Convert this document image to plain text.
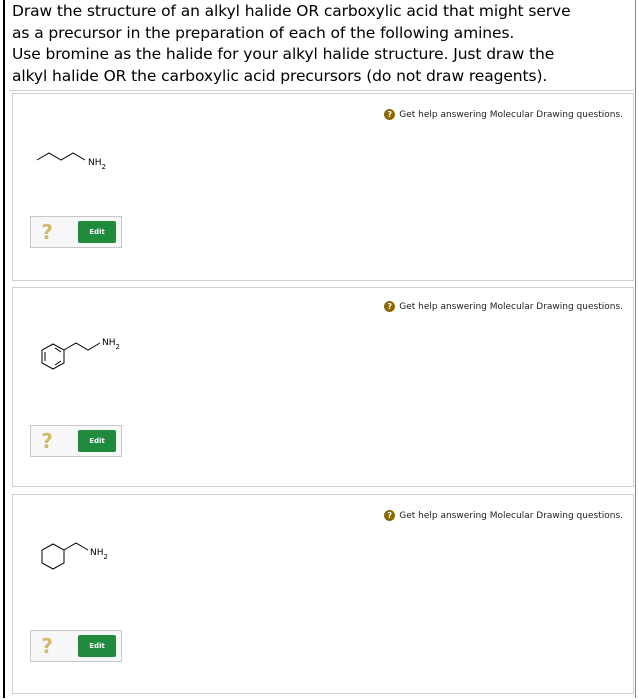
Draw the structure of an alkyl halide OR carboxylic acid that might serve
as a precursor in the preparation of each of the following amines.
Use bromine as the halide for your alkyl halide structure. Just draw the
alkyl halide OR the carboxylic acid precursors (do not draw reagents).
? Get help answering Molecular Drawing questions.
$NH_2$
?	Edit
? Get help answering Molecular Drawing questions.
$NH_2$
?	Edit
? Get help answering Molecular Drawing questions.
$NH_2$
?	Edit
